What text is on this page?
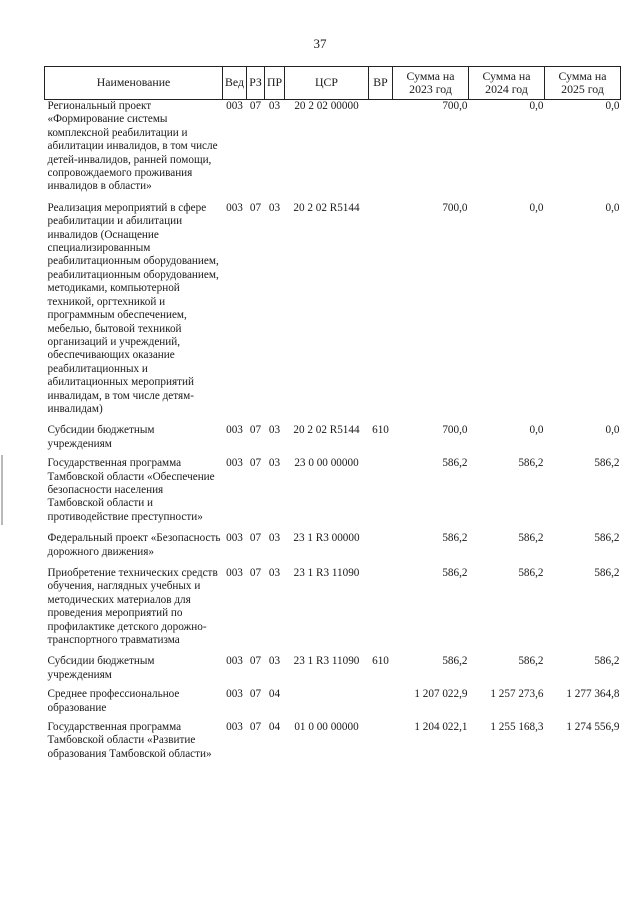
37
Наименование	Вед	РЗ	ПР	ЦСР	ВР	Сумма на 2023 год	Сумма на 2024 год	Сумма на 2025 год
Региональный проект «Формирование системы комплексной реабилитации и абилитации инвалидов, в том числе детей-инвалидов, ранней помощи, сопровождаемого проживания инвалидов в области»	003	07	03	20 2 02 00000		700,0	0,0	0,0
Реализация мероприятий в сфере реабилитации и абилитации инвалидов (Оснащение специализированным реабилитационным оборудованием, реабилитационным оборудованием, методиками, компьютерной техникой, оргтехникой и программным обеспечением, мебелью, бытовой техникой организаций и учреждений, обеспечивающих оказание реабилитационных и абилитационных мероприятий инвалидам, в том числе детям-инвалидам)	003	07	03	20 2 02 R5144		700,0	0,0	0,0
Субсидии бюджетным учреждениям	003	07	03	20 2 02 R5144	610	700,0	0,0	0,0
Государственная программа Тамбовской области «Обеспечение безопасности населения Тамбовской области и противодействие преступности»	003	07	03	23 0 00 00000		586,2	586,2	586,2
Федеральный проект «Безопасность дорожного движения»	003	07	03	23 1 R3 00000		586,2	586,2	586,2
Приобретение технических средств обучения, наглядных учебных и методических материалов для проведения мероприятий по профилактике детского дорожно-транспортного травматизма	003	07	03	23 1 R3 11090		586,2	586,2	586,2
Субсидии бюджетным учреждениям	003	07	03	23 1 R3 11090	610	586,2	586,2	586,2
Среднее профессиональное образование	003	07	04			1 207 022,9	1 257 273,6	1 277 364,8
Государственная программа Тамбовской области «Развитие образования Тамбовской области»	003	07	04	01 0 00 00000		1 204 022,1	1 255 168,3	1 274 556,9
